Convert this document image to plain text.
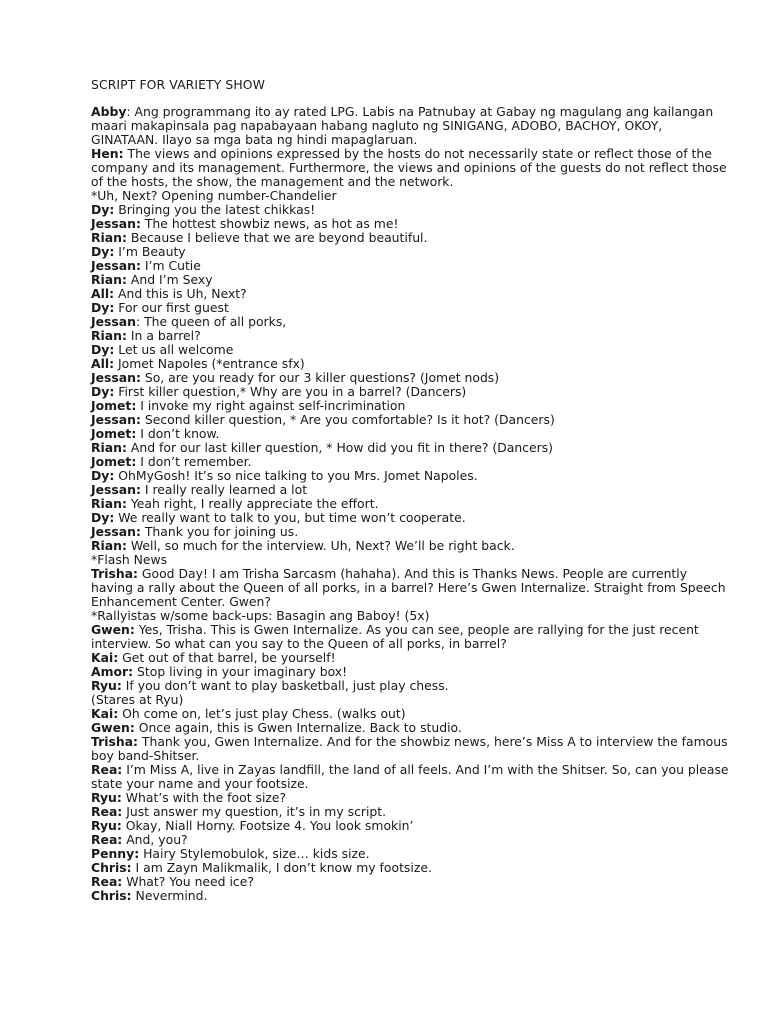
SCRIPT FOR VARIETY SHOW
Abby: Ang programmang ito ay rated LPG. Labis na Patnubay at Gabay ng magulang ang kailangan maari makapinsala pag napabayaan habang nagluto ng SINIGANG, ADOBO, BACHOY, OKOY, GINATAAN. Ilayo sa mga bata ng hindi mapaglaruan.
Hen: The views and opinions expressed by the hosts do not necessarily state or reflect those of the company and its management. Furthermore, the views and opinions of the guests do not reflect those of the hosts, the show, the management and the network.
*Uh, Next? Opening number-Chandelier
Dy: Bringing you the latest chikkas!
Jessan: The hottest showbiz news, as hot as me!
Rian: Because I believe that we are beyond beautiful.
Dy: I’m Beauty
Jessan: I’m Cutie
Rian: And I’m Sexy
All: And this is Uh, Next?
Dy: For our first guest
Jessan: The queen of all porks,
Rian: In a barrel?
Dy: Let us all welcome
All: Jomet Napoles (*entrance sfx)
Jessan: So, are you ready for our 3 killer questions? (Jomet nods)
Dy: First killer question,* Why are you in a barrel? (Dancers)
Jomet: I invoke my right against self-incrimination
Jessan: Second killer question, * Are you comfortable? Is it hot? (Dancers)
Jomet: I don’t know.
Rian: And for our last killer question, * How did you fit in there? (Dancers)
Jomet: I don’t remember.
Dy: OhMyGosh! It’s so nice talking to you Mrs. Jomet Napoles.
Jessan: I really really learned a lot
Rian: Yeah right, I really appreciate the effort.
Dy: We really want to talk to you, but time won’t cooperate.
Jessan: Thank you for joining us.
Rian: Well, so much for the interview. Uh, Next? We’ll be right back.
*Flash News
Trisha: Good Day! I am Trisha Sarcasm (hahaha). And this is Thanks News. People are currently having a rally about the Queen of all porks, in a barrel? Here’s Gwen Internalize. Straight from Speech Enhancement Center. Gwen?
*Rallyistas w/some back-ups: Basagin ang Baboy! (5x)
Gwen: Yes, Trisha. This is Gwen Internalize. As you can see, people are rallying for the just recent interview. So what can you say to the Queen of all porks, in barrel?
Kai: Get out of that barrel, be yourself!
Amor: Stop living in your imaginary box!
Ryu: If you don’t want to play basketball, just play chess.
(Stares at Ryu)
Kai: Oh come on, let’s just play Chess. (walks out)
Gwen: Once again, this is Gwen Internalize. Back to studio.
Trisha: Thank you, Gwen Internalize. And for the showbiz news, here’s Miss A to interview the famous boy band-Shitser.
Rea: I’m Miss A, live in Zayas landfill, the land of all feels. And I’m with the Shitser. So, can you please state your name and your footsize.
Ryu: What’s with the foot size?
Rea: Just answer my question, it’s in my script.
Ryu: Okay, Niall Horny. Footsize 4. You look smokin’
Rea: And, you?
Penny: Hairy Stylemobulok, size… kids size.
Chris: I am Zayn Malikmalik, I don’t know my footsize.
Rea: What? You need ice?
Chris: Nevermind.
